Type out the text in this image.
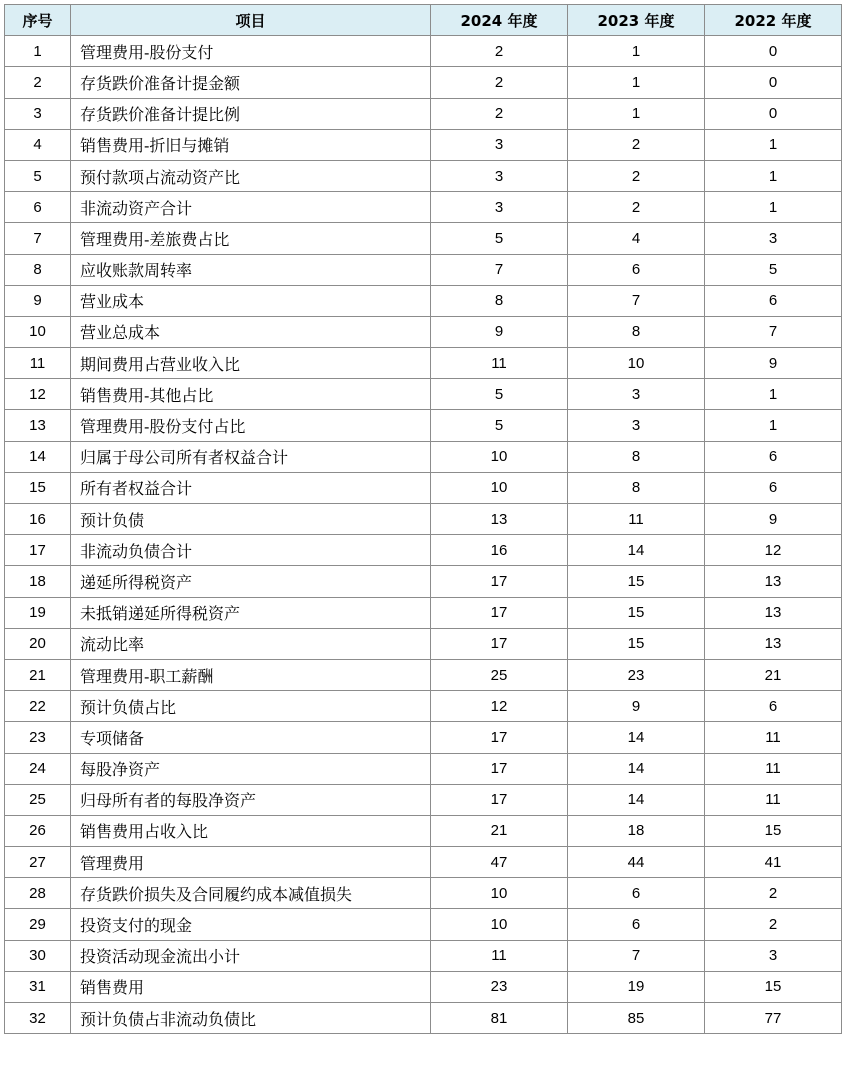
序号	项目	2024 年度	2023 年度	2022 年度
1	管理费用-股份支付	2	1	0
2	存货跌价准备计提金额	2	1	0
3	存货跌价准备计提比例	2	1	0
4	销售费用-折旧与摊销	3	2	1
5	预付款项占流动资产比	3	2	1
6	非流动资产合计	3	2	1
7	管理费用-差旅费占比	5	4	3
8	应收账款周转率	7	6	5
9	营业成本	8	7	6
10	营业总成本	9	8	7
11	期间费用占营业收入比	11	10	9
12	销售费用-其他占比	5	3	1
13	管理费用-股份支付占比	5	3	1
14	归属于母公司所有者权益合计	10	8	6
15	所有者权益合计	10	8	6
16	预计负债	13	11	9
17	非流动负债合计	16	14	12
18	递延所得税资产	17	15	13
19	未抵销递延所得税资产	17	15	13
20	流动比率	17	15	13
21	管理费用-职工薪酬	25	23	21
22	预计负债占比	12	9	6
23	专项储备	17	14	11
24	每股净资产	17	14	11
25	归母所有者的每股净资产	17	14	11
26	销售费用占收入比	21	18	15
27	管理费用	47	44	41
28	存货跌价损失及合同履约成本减值损失	10	6	2
29	投资支付的现金	10	6	2
30	投资活动现金流出小计	11	7	3
31	销售费用	23	19	15
32	预计负债占非流动负债比	81	85	77
